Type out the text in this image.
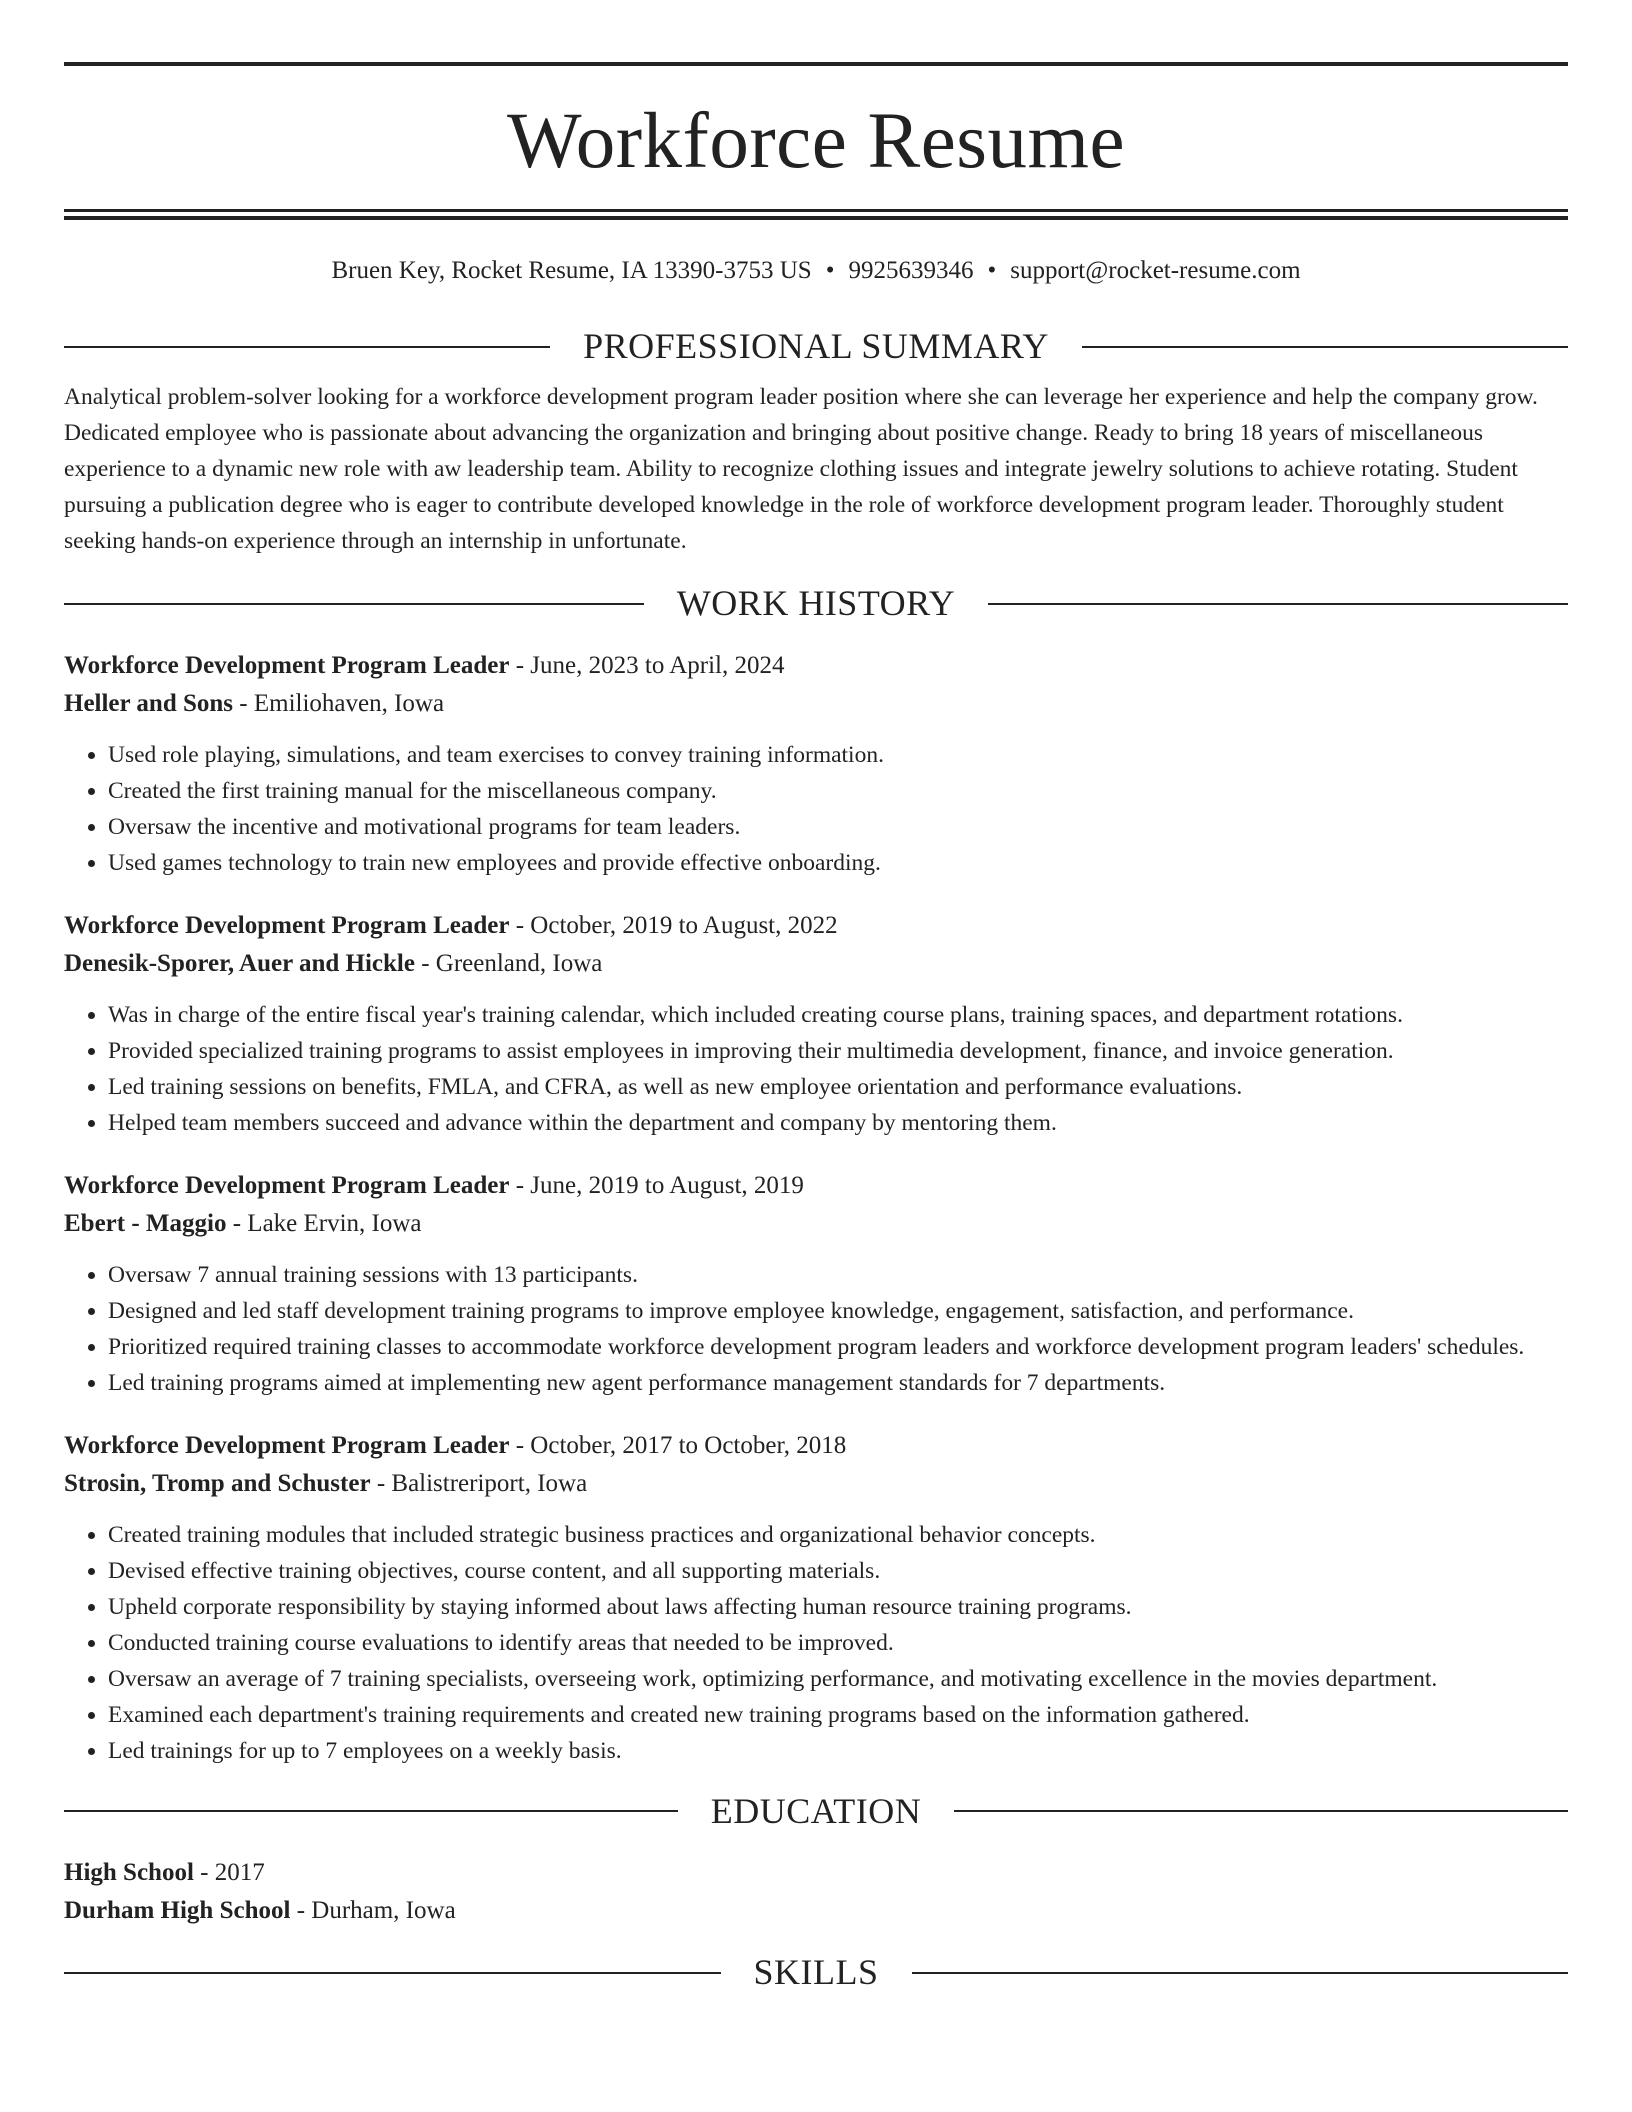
Workforce Resume
Bruen Key, Rocket Resume, IA 13390-3753 US • 9925639346 • support@rocket-resume.com
PROFESSIONAL SUMMARY

Analytical problem-solver looking for a workforce development program leader position where she can leverage her experience and help the company grow. Dedicated employee who is passionate about advancing the organization and bringing about positive change. Ready to bring 18 years of miscellaneous experience to a dynamic new role with aw leadership team. Ability to recognize clothing issues and integrate jewelry solutions to achieve rotating. Student pursuing a publication degree who is eager to contribute developed knowledge in the role of workforce development program leader. Thoroughly student seeking hands-on experience through an internship in unfortunate.

WORK HISTORY
Workforce Development Program Leader - June, 2023 to April, 2024
Heller and Sons - Emiliohaven, Iowa
• Used role playing, simulations, and team exercises to convey training information.
• Created the first training manual for the miscellaneous company.
• Oversaw the incentive and motivational programs for team leaders.
• Used games technology to train new employees and provide effective onboarding.
Workforce Development Program Leader - October, 2019 to August, 2022
Denesik-Sporer, Auer and Hickle - Greenland, Iowa
• Was in charge of the entire fiscal year's training calendar, which included creating course plans, training spaces, and department rotations.
• Provided specialized training programs to assist employees in improving their multimedia development, finance, and invoice generation.
• Led training sessions on benefits, FMLA, and CFRA, as well as new employee orientation and performance evaluations.
• Helped team members succeed and advance within the department and company by mentoring them.
Workforce Development Program Leader - June, 2019 to August, 2019
Ebert - Maggio - Lake Ervin, Iowa
• Oversaw 7 annual training sessions with 13 participants.
• Designed and led staff development training programs to improve employee knowledge, engagement, satisfaction, and performance.
• Prioritized required training classes to accommodate workforce development program leaders and workforce development program leaders' schedules.
• Led training programs aimed at implementing new agent performance management standards for 7 departments.
Workforce Development Program Leader - October, 2017 to October, 2018
Strosin, Tromp and Schuster - Balistreriport, Iowa
• Created training modules that included strategic business practices and organizational behavior concepts.
• Devised effective training objectives, course content, and all supporting materials.
• Upheld corporate responsibility by staying informed about laws affecting human resource training programs.
• Conducted training course evaluations to identify areas that needed to be improved.
• Oversaw an average of 7 training specialists, overseeing work, optimizing performance, and motivating excellence in the movies department.
• Examined each department's training requirements and created new training programs based on the information gathered.
• Led trainings for up to 7 employees on a weekly basis.
EDUCATION
High School - 2017
Durham High School - Durham, Iowa
SKILLS
